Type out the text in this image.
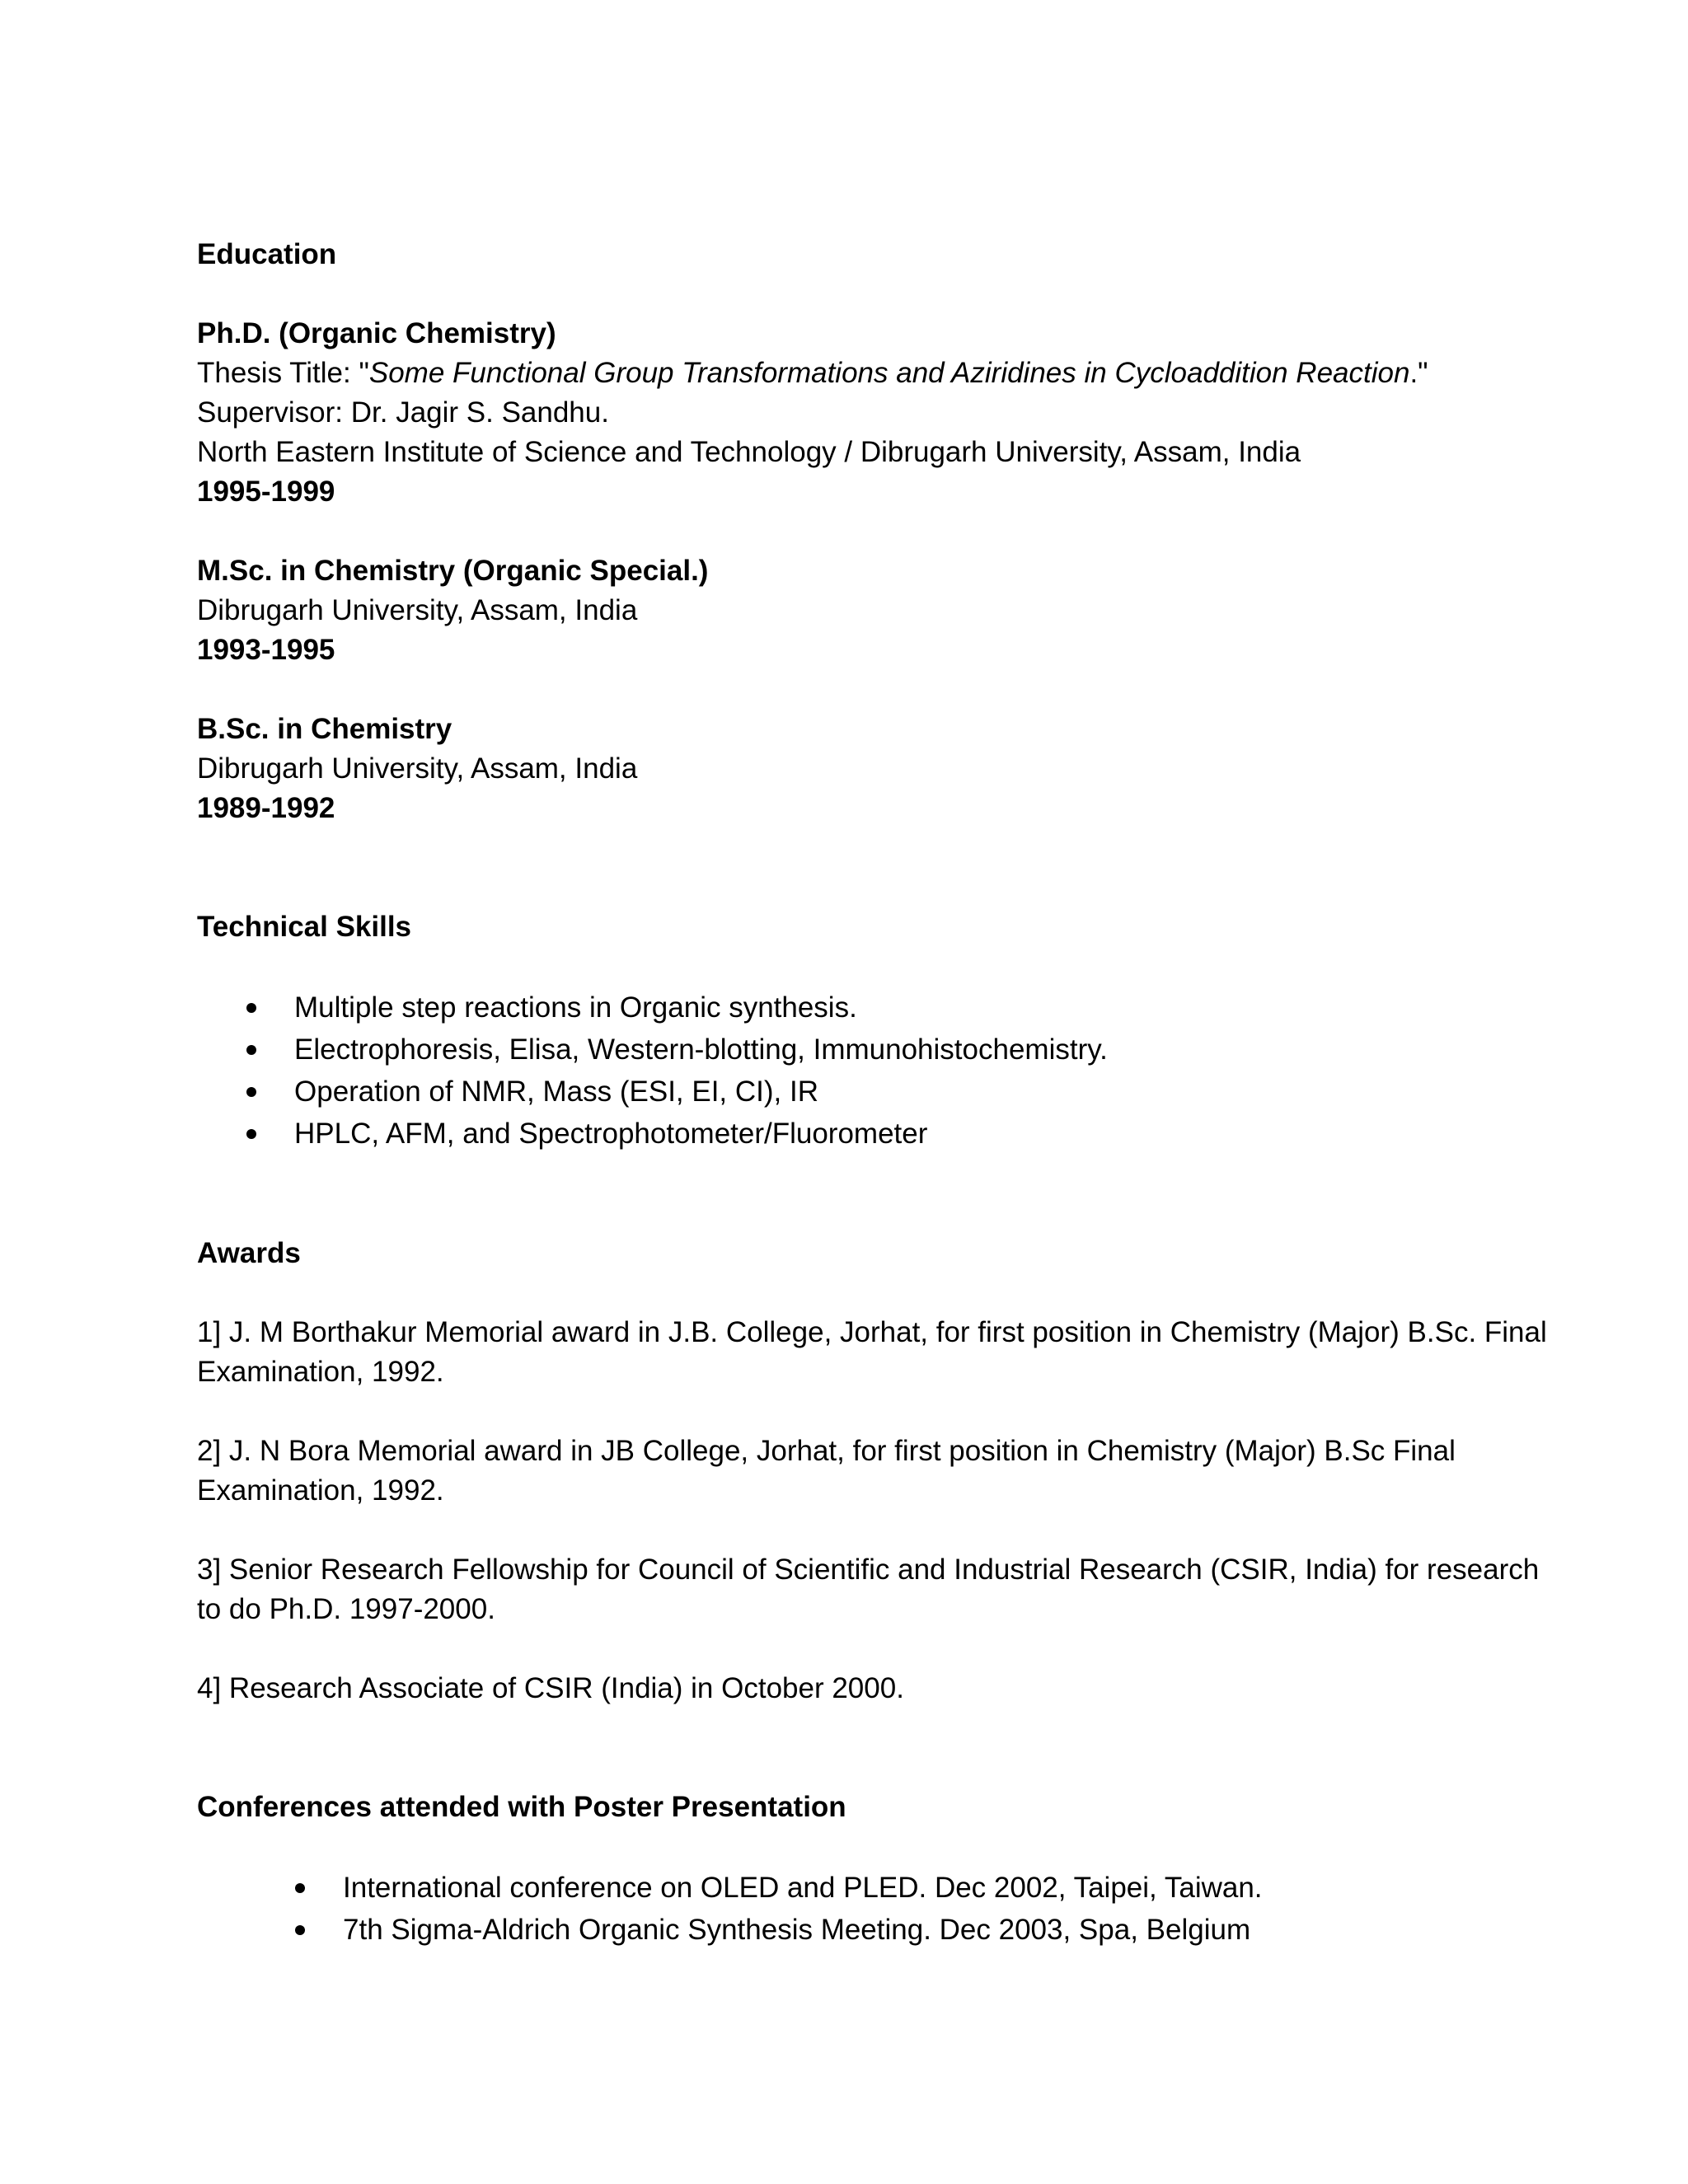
Education

Ph.D. (Organic Chemistry)

Thesis Title: "Some Functional Group Transformations and Aziridines in Cycloaddition Reaction."

Supervisor: Dr. Jagir S. Sandhu.

North Eastern Institute of Science and Technology / Dibrugarh University, Assam, India

1995-1999

M.Sc. in Chemistry (Organic Special.)

Dibrugarh University, Assam, India

1993-1995

B.Sc. in Chemistry

Dibrugarh University, Assam, India

1989-1992

Technical Skills

Multiple step reactions in Organic synthesis.
Electrophoresis, Elisa, Western-blotting, Immunohistochemistry.
Operation of NMR, Mass (ESI, EI, CI), IR
HPLC, AFM, and Spectrophotometer/Fluorometer

Awards

1] J. M Borthakur Memorial award in J.B. College, Jorhat, for first position in Chemistry (Major) B.Sc. Final Examination, 1992.

2] J. N Bora Memorial award in JB College, Jorhat, for first position in Chemistry (Major) B.Sc Final Examination, 1992.

3] Senior Research Fellowship for Council of Scientific and Industrial Research (CSIR, India) for research to do Ph.D. 1997-2000.

4] Research Associate of CSIR (India) in October 2000.

Conferences attended with Poster Presentation

International conference on OLED and PLED. Dec 2002, Taipei, Taiwan.
7th Sigma-Aldrich Organic Synthesis Meeting. Dec 2003, Spa, Belgium
